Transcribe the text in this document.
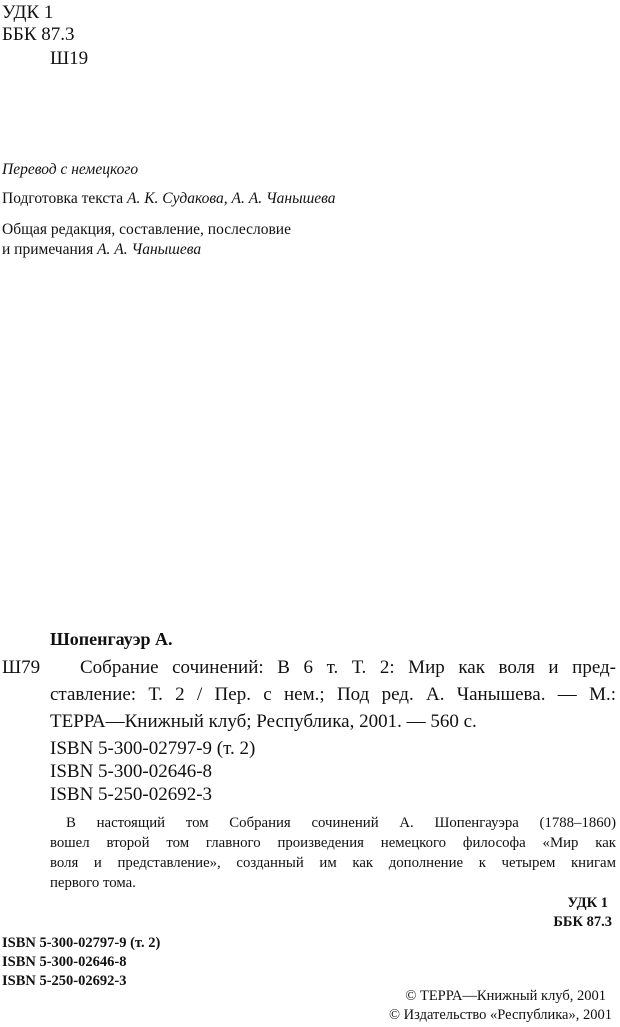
УДК 1
ББК 87.3
Ш19
Перевод с немецкого
Подготовка текста А. К. Судакова, А. А. Чанышева
Общая редакция, составление, послесловие
и примечания А. А. Чанышева
Шопенгауэр А.
Ш79 Собрание сочинений: В 6 т. Т. 2: Мир как воля и пред-
ставление: Т. 2 / Пер. с нем.; Под ред. А. Чанышева. — М.:
ТЕРРА—Книжный клуб; Республика, 2001. — 560 с.
ISBN 5-300-02797-9 (т. 2)
ISBN 5-300-02646-8
ISBN 5-250-02692-3
В настоящий том Собрания сочинений А. Шопенгауэра (1788–1860)
вошел второй том главного произведения немецкого философа «Мир как
воля и представление», созданный им как дополнение к четырем книгам
первого тома.
УДК 1
ББК 87.3
ISBN 5-300-02797-9 (т. 2)
ISBN 5-300-02646-8
ISBN 5-250-02692-3
© ТЕРРА—Книжный клуб, 2001
© Издательство «Республика», 2001
